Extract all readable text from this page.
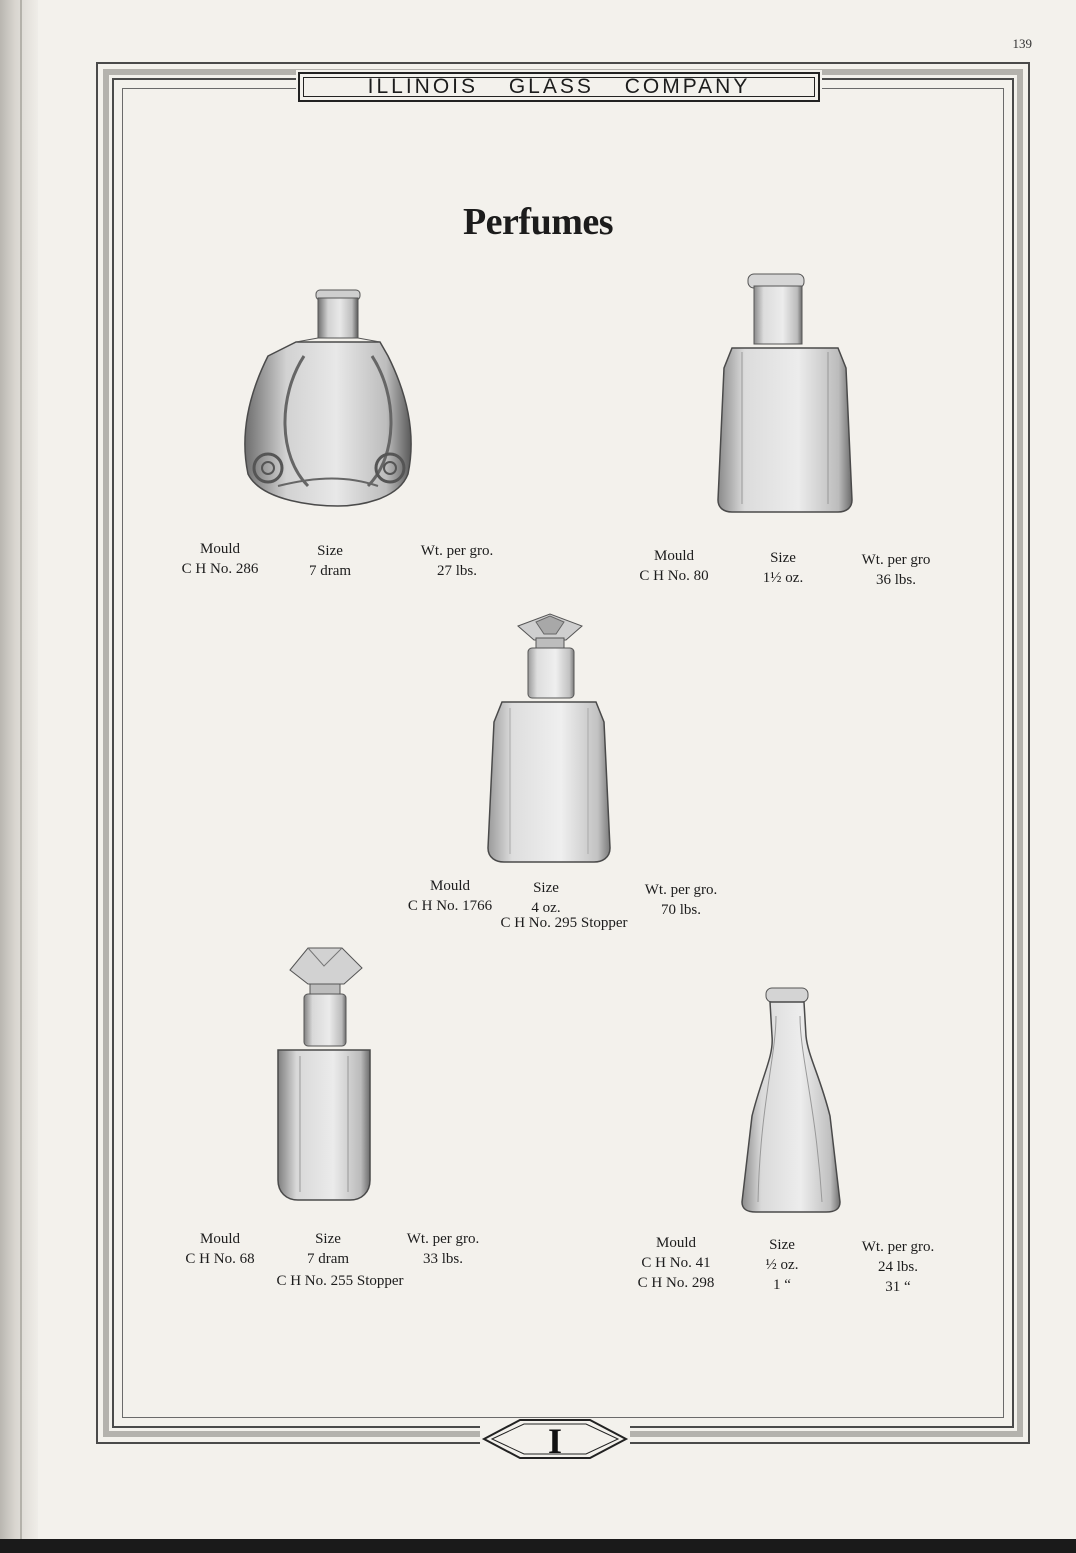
139
ILLINOIS GLASS COMPANY
Perfumes
Mould
C H No. 286
Size
7 dram
Wt. per gro.
27 lbs.
Mould
C H No. 80
Size
1½ oz.
Wt. per gro
36 lbs.
Mould
C H No. 1766
Size
4 oz.
Wt. per gro.
70 lbs.
C H No. 295 Stopper
Mould
C H No. 68
Size
7 dram
Wt. per gro.
33 lbs.
C H No. 255 Stopper
Mould
C H No. 41
C H No. 298
Size
½ oz.
1 “
Wt. per gro.
24 lbs.
31 “
I
